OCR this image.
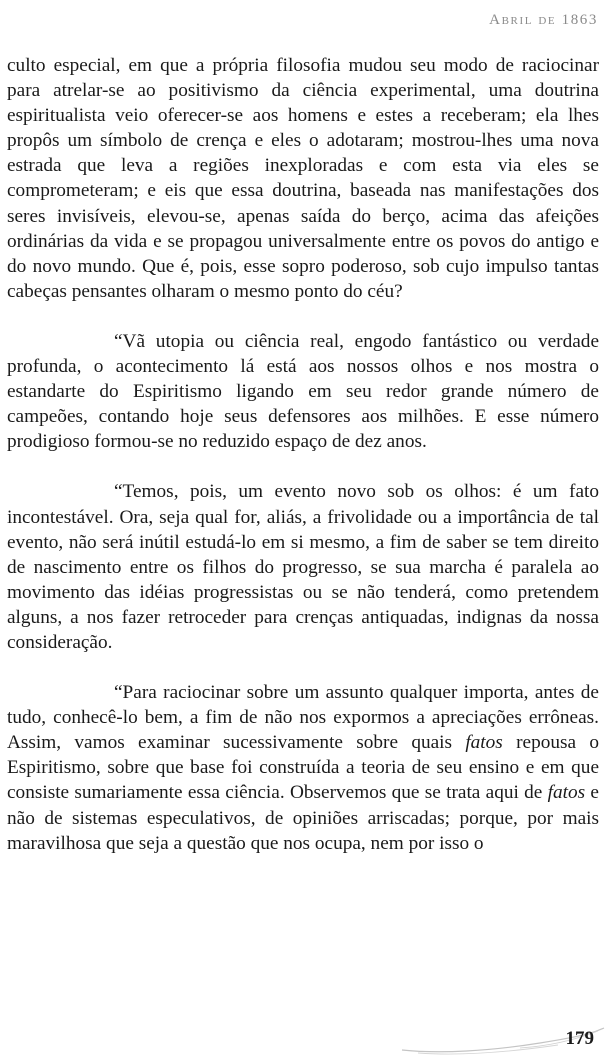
Abril de 1863

culto especial, em que a própria filosofia mudou seu modo de raciocinar para atrelar-se ao positivismo da ciência experimental, uma doutrina espiritualista veio oferecer-se aos homens e estes a receberam; ela lhes propôs um símbolo de crença e eles o adotaram; mostrou-lhes uma nova estrada que leva a regiões inexploradas e com esta via eles se comprometeram; e eis que essa doutrina, baseada nas manifestações dos seres invisíveis, elevou-se, apenas saída do berço, acima das afeições ordinárias da vida e se propagou universalmente entre os povos do antigo e do novo mundo. Que é, pois, esse sopro poderoso, sob cujo impulso tantas cabeças pensantes olharam o mesmo ponto do céu?

“Vã utopia ou ciência real, engodo fantástico ou verdade profunda, o acontecimento lá está aos nossos olhos e nos mostra o estandarte do Espiritismo ligando em seu redor grande número de campeões, contando hoje seus defensores aos milhões. E esse número prodigioso formou-se no reduzido espaço de dez anos.

“Temos, pois, um evento novo sob os olhos: é um fato incontestável. Ora, seja qual for, aliás, a frivolidade ou a importância de tal evento, não será inútil estudá-lo em si mesmo, a fim de saber se tem direito de nascimento entre os filhos do progresso, se sua marcha é paralela ao movimento das idéias progressistas ou se não tenderá, como pretendem alguns, a nos fazer retroceder para crenças antiquadas, indignas da nossa consideração.

“Para raciocinar sobre um assunto qualquer importa, antes de tudo, conhecê-lo bem, a fim de não nos expormos a apreciações errôneas. Assim, vamos examinar sucessivamente sobre quais fatos repousa o Espiritismo, sobre que base foi construída a teoria de seu ensino e em que consiste sumariamente essa ciência. Observemos que se trata aqui de fatos e não de sistemas especulativos, de opiniões arriscadas; porque, por mais maravilhosa que seja a questão que nos ocupa, nem por isso o

179
